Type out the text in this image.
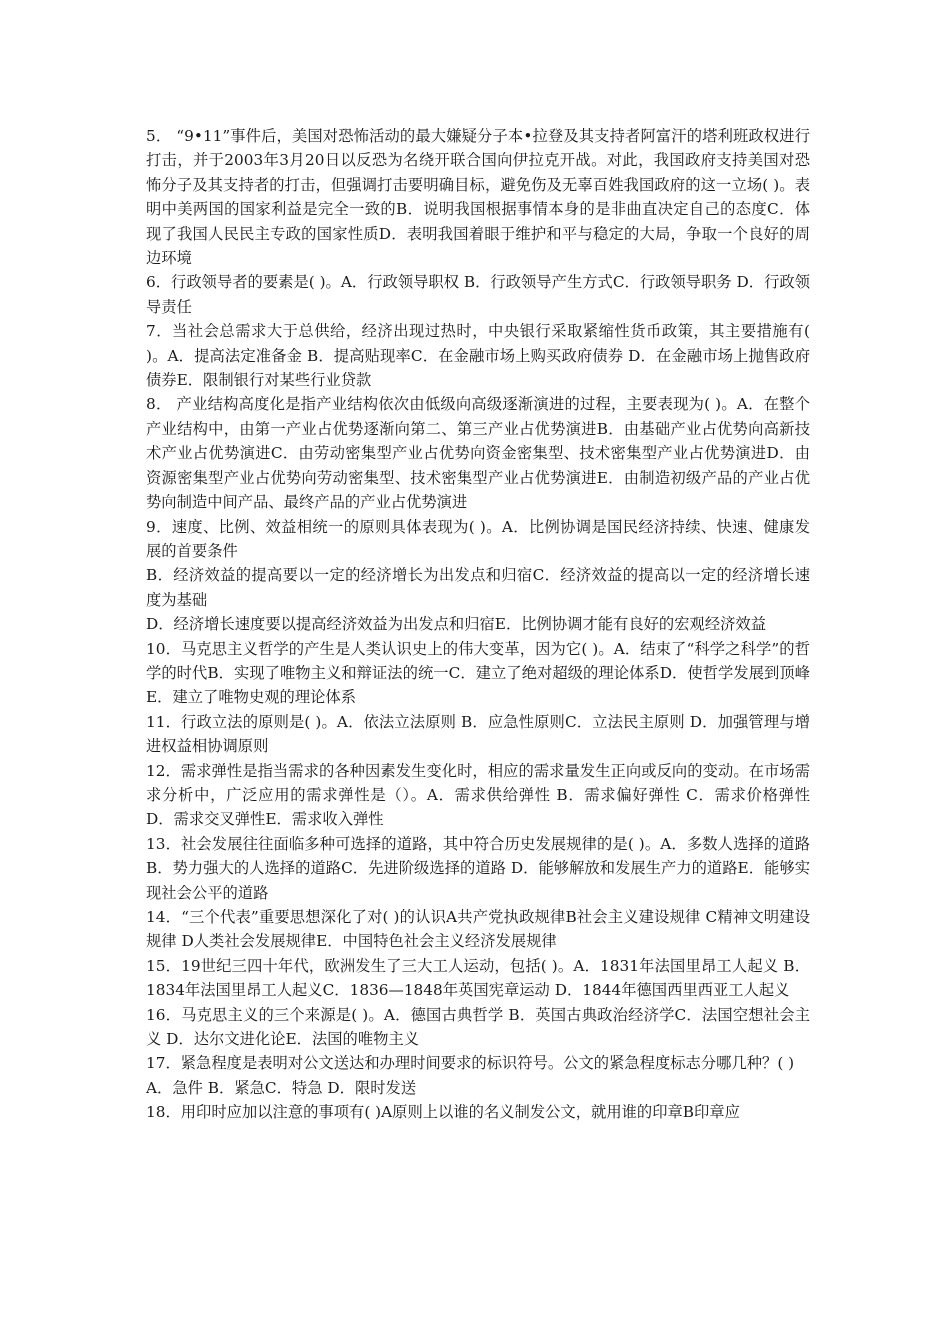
5． “9•11”事件后，美国对恐怖活动的最大嫌疑分子本•拉登及其支持者阿富汗的塔利班政权进行打击，并于2003年3月20日以反恐为名绕开联合国向伊拉克开战。对此，我国政府支持美国对恐怖分子及其支持者的打击，但强调打击要明确目标，避免伤及无辜百姓我国政府的这一立场( )。表明中美两国的国家利益是完全一致的B．说明我国根据事情本身的是非曲直决定自己的态度C．体现了我国人民民主专政的国家性质D．表明我国着眼于维护和平与稳定的大局，争取一个良好的周边环境

6．行政领导者的要素是( )。A．行政领导职权 B．行政领导产生方式C．行政领导职务 D．行政领导责任

7．当社会总需求大于总供给，经济出现过热时，中央银行采取紧缩性货币政策，其主要措施有( )。A．提高法定准备金 B．提高贴现率C．在金融市场上购买政府债券 D．在金融市场上抛售政府债券E．限制银行对某些行业贷款

8． 产业结构高度化是指产业结构依次由低级向高级逐渐演进的过程，主要表现为( )。A．在整个产业结构中，由第一产业占优势逐渐向第二、第三产业占优势演进B．由基础产业占优势向高新技术产业占优势演进C．由劳动密集型产业占优势向资金密集型、技术密集型产业占优势演进D．由资源密集型产业占优势向劳动密集型、技术密集型产业占优势演进E．由制造初级产品的产业占优势向制造中间产品、最终产品的产业占优势演进

9．速度、比例、效益相统一的原则具体表现为( )。A．比例协调是国民经济持续、快速、健康发展的首要条件

B．经济效益的提高要以一定的经济增长为出发点和归宿C．经济效益的提高以一定的经济增长速度为基础

D．经济增长速度要以提高经济效益为出发点和归宿E．比例协调才能有良好的宏观经济效益

10．马克思主义哲学的产生是人类认识史上的伟大变革，因为它( )。A．结束了“科学之科学”的哲学的时代B．实现了唯物主义和辩证法的统一C．建立了绝对超级的理论体系D．使哲学发展到顶峰E．建立了唯物史观的理论体系

11．行政立法的原则是( )。A．依法立法原则 B．应急性原则C．立法民主原则 D．加强管理与增进权益相协调原则

12．需求弹性是指当需求的各种因素发生变化时，相应的需求量发生正向或反向的变动。在市场需求分析中，广泛应用的需求弹性是（）。A．需求供给弹性 B．需求偏好弹性 C．需求价格弹性 D．需求交叉弹性E．需求收入弹性

13．社会发展往往面临多种可选择的道路，其中符合历史发展规律的是( )。A．多数人选择的道路 B．势力强大的人选择的道路C．先进阶级选择的道路 D．能够解放和发展生产力的道路E．能够实现社会公平的道路

14．“三个代表”重要思想深化了对( )的认识A共产党执政规律B社会主义建设规律 C精神文明建设规律 D人类社会发展规律E．中国特色社会主义经济发展规律

15．19世纪三四十年代，欧洲发生了三大工人运动，包括( )。A．1831年法国里昂工人起义 B．1834年法国里昂工人起义C．1836—1848年英国宪章运动 D．1844年德国西里西亚工人起义

16．马克思主义的三个来源是( )。A．德国古典哲学 B．英国古典政治经济学C．法国空想社会主义 D．达尔文进化论E．法国的唯物主义

17．紧急程度是表明对公文送达和办理时间要求的标识符号。公文的紧急程度标志分哪几种？( )

A．急件 B．紧急C．特急 D．限时发送

18．用印时应加以注意的事项有( )A原则上以谁的名义制发公文，就用谁的印章B印章应
